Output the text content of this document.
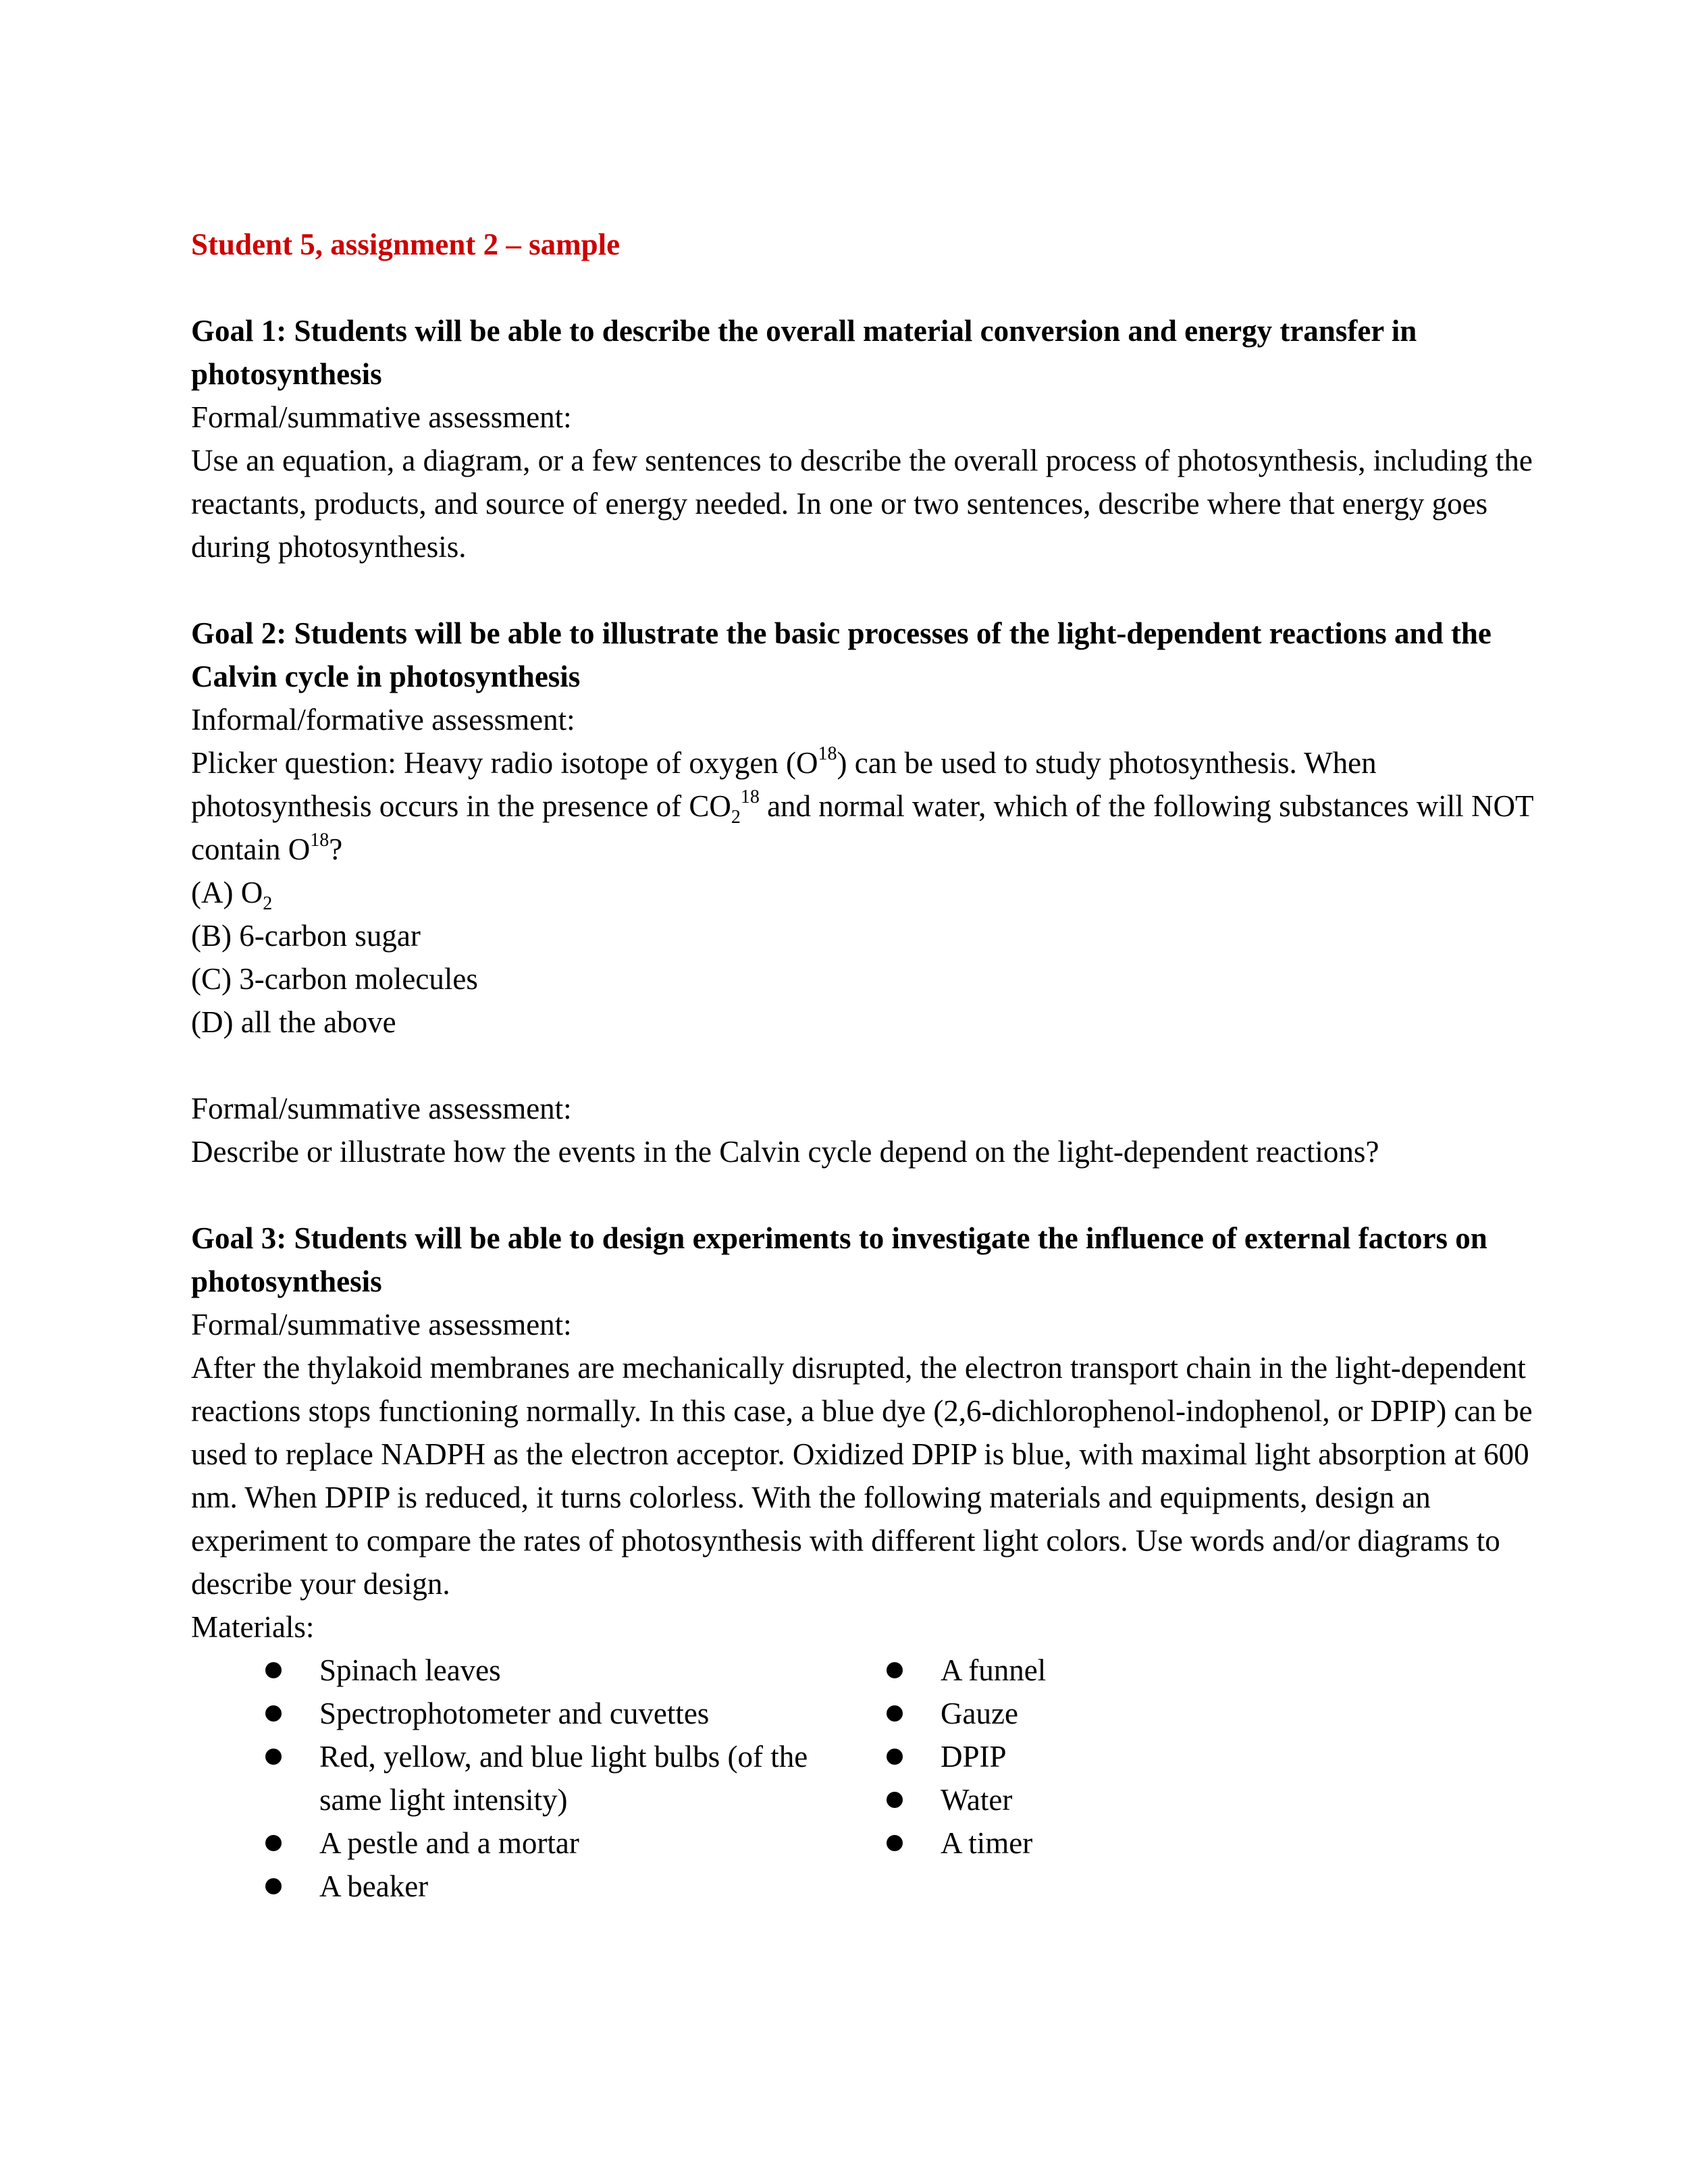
Student 5, assignment 2 – sample

Goal 1: Students will be able to describe the overall material conversion and energy transfer in photosynthesis

Formal/summative assessment:

Use an equation, a diagram, or a few sentences to describe the overall process of photosynthesis, including the reactants, products, and source of energy needed. In one or two sentences, describe where that energy goes during photosynthesis.

Goal 2: Students will be able to illustrate the basic processes of the light-dependent reactions and the Calvin cycle in photosynthesis

Informal/formative assessment:

Plicker question: Heavy radio isotope of oxygen $(O^{18})$ can be used to study photosynthesis. When photosynthesis occurs in the presence of $CO_2^{18}$ and normal water, which of the following substances will NOT contain $O^{18}$?

(A) $O_2$

(B) 6-carbon sugar

(C) 3-carbon molecules

(D) all the above

Formal/summative assessment:

Describe or illustrate how the events in the Calvin cycle depend on the light-dependent reactions?

Goal 3: Students will be able to design experiments to investigate the influence of external factors on photosynthesis

Formal/summative assessment:

After the thylakoid membranes are mechanically disrupted, the electron transport chain in the light-dependent reactions stops functioning normally. In this case, a blue dye (2,6-dichlorophenol-indophenol, or DPIP) can be used to replace NADPH as the electron acceptor. Oxidized DPIP is blue, with maximal light absorption at 600 nm. When DPIP is reduced, it turns colorless. With the following materials and equipments, design an experiment to compare the rates of photosynthesis with different light colors. Use words and/or diagrams to describe your design.

Materials:

Spinach leaves
Spectrophotometer and cuvettes
Red, yellow, and blue light bulbs (of the same light intensity)
A pestle and a mortar
A beaker
A funnel
Gauze
DPIP
Water
A timer
